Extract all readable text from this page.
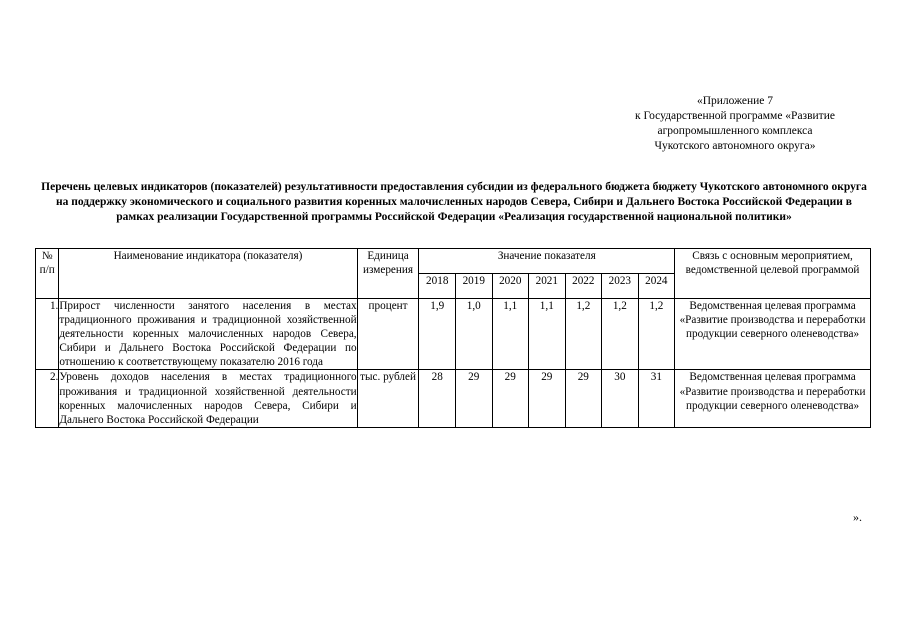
«Приложение 7
к Государственной программе «Развитие
агропромышленного комплекса
Чукотского автономного округа»
Перечень целевых индикаторов (показателей) результативности предоставления субсидии из федерального бюджета бюджету Чукотского автономного округа на поддержку экономического и социального развития коренных малочисленных народов Севера, Сибири и Дальнего Востока Российской Федерации в рамках реализации Государственной программы Российской Федерации «Реализация государственной национальной политики»
№ п/п	Наименование индикатора (показателя)	Единица измерения	Значение показателя							Связь с основным мероприятием, ведомственной целевой программой
			2018	2019	2020	2021	2022	2023	2024	
1.	Прирост численности занятого населения в местах традиционного проживания и традиционной хозяйственной деятельности коренных малочисленных народов Севера, Сибири и Дальнего Востока Российской Федерации по отношению к соответствующему показателю 2016 года	процент	1,9	1,0	1,1	1,1	1,2	1,2	1,2	Ведомственная целевая программа «Развитие производства и переработки продукции северного оленеводства»
2.	Уровень доходов населения в местах традиционного проживания и традиционной хозяйственной деятельности коренных малочисленных народов Севера, Сибири и Дальнего Востока Российской Федерации	тыс. рублей	28	29	29	29	29	30	31	Ведомственная целевая программа «Развитие производства и переработки продукции северного оленеводства»
».
